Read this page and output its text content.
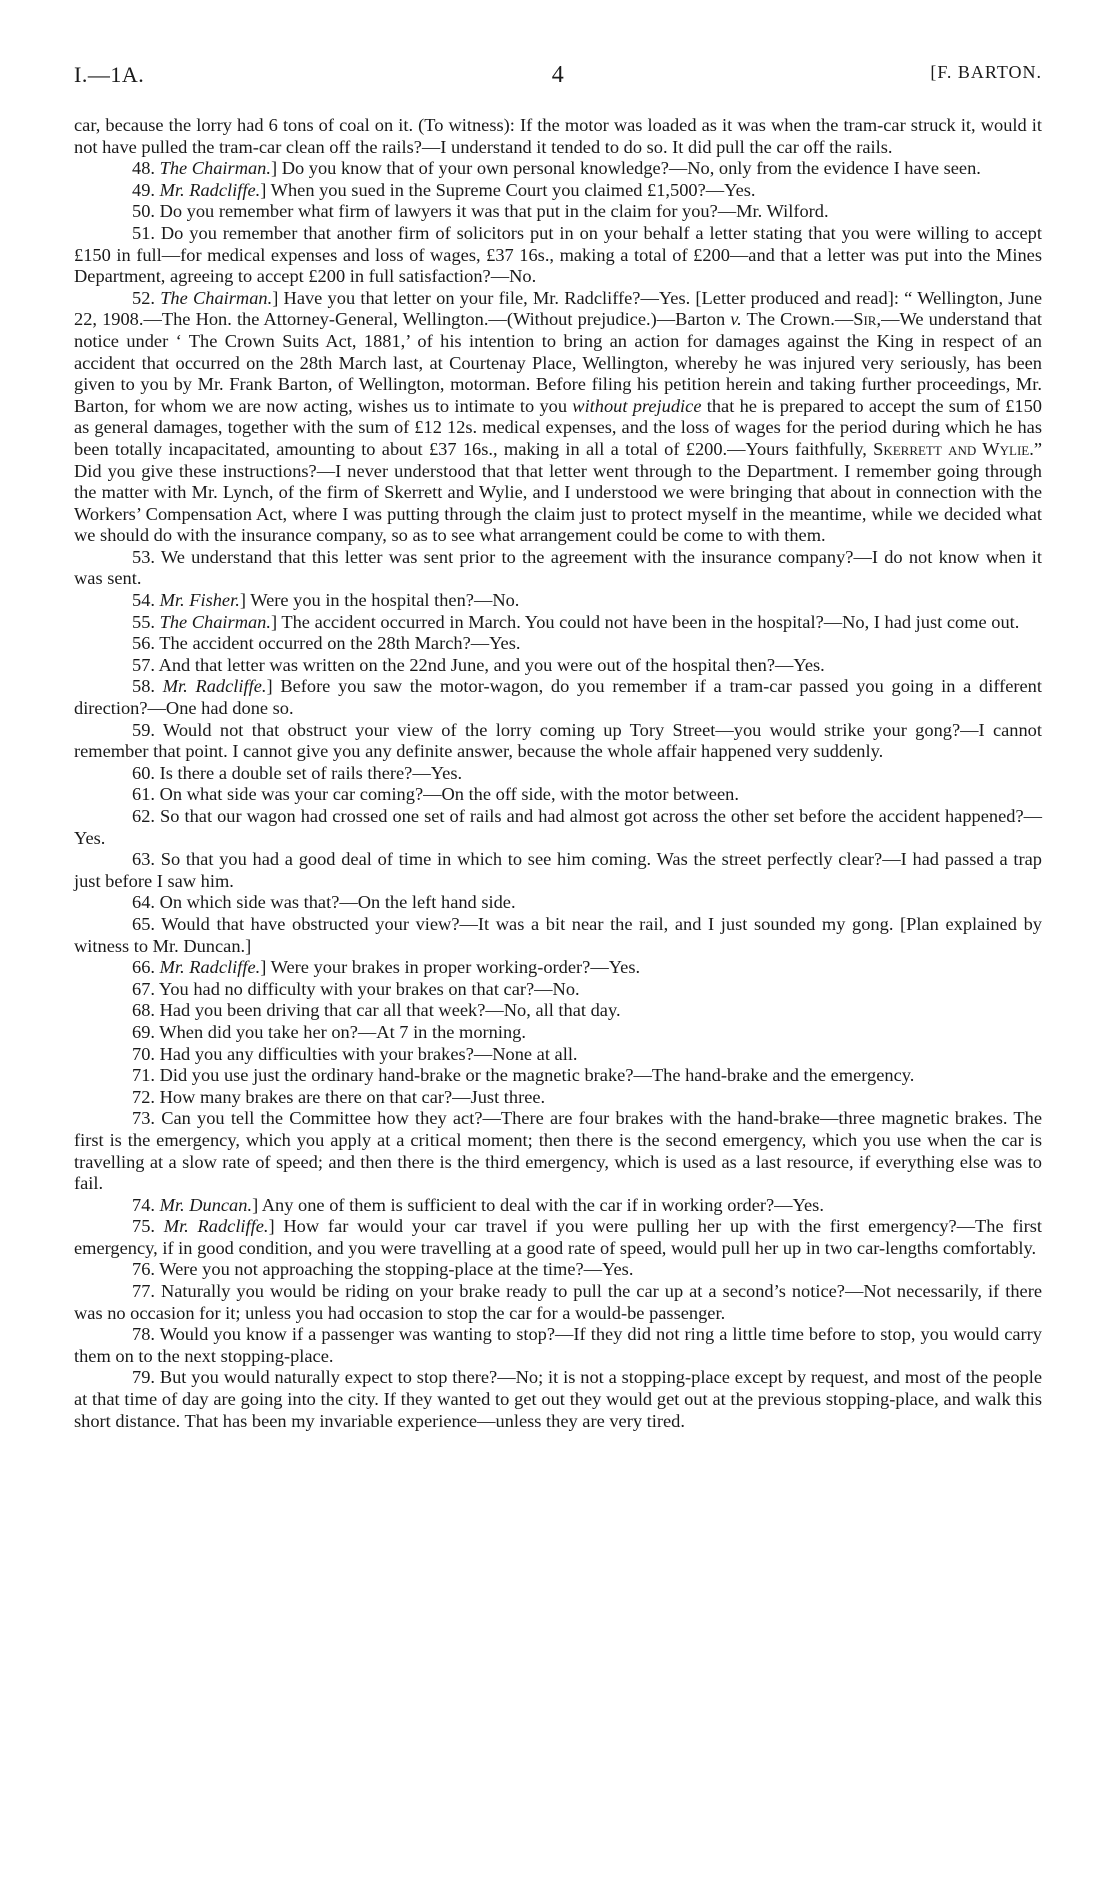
I.—1A.	4	[F. BARTON.

car, because the lorry had 6 tons of coal on it. (To witness): If the motor was loaded as it was when the tram-car struck it, would it not have pulled the tram-car clean off the rails?—I understand it tended to do so. It did pull the car off the rails.

48. The Chairman.] Do you know that of your own personal knowledge?—No, only from the evidence I have seen.

49. Mr. Radcliffe.] When you sued in the Supreme Court you claimed £1,500?—Yes.

50. Do you remember what firm of lawyers it was that put in the claim for you?—Mr. Wilford.

51. Do you remember that another firm of solicitors put in on your behalf a letter stating that you were willing to accept £150 in full—for medical expenses and loss of wages, £37 16s., making a total of £200—and that a letter was put into the Mines Department, agreeing to accept £200 in full satisfaction?—No.

52. The Chairman.] Have you that letter on your file, Mr. Radcliffe?—Yes. [Letter produced and read]: “ Wellington, June 22, 1908.—The Hon. the Attorney-General, Wellington.—(Without prejudice.)—Barton v. The Crown.—Sir,—We understand that notice under ‘ The Crown Suits Act, 1881,’ of his intention to bring an action for damages against the King in respect of an accident that occurred on the 28th March last, at Courtenay Place, Wellington, whereby he was injured very seriously, has been given to you by Mr. Frank Barton, of Wellington, motorman. Before filing his petition herein and taking further proceedings, Mr. Barton, for whom we are now acting, wishes us to intimate to you without prejudice that he is prepared to accept the sum of £150 as general damages, together with the sum of £12 12s. medical expenses, and the loss of wages for the period during which he has been totally incapacitated, amounting to about £37 16s., making in all a total of £200.—Yours faithfully, Skerrett and Wylie.” Did you give these instructions?—I never understood that that letter went through to the Department. I remember going through the matter with Mr. Lynch, of the firm of Skerrett and Wylie, and I understood we were bringing that about in connection with the Workers’ Compensation Act, where I was putting through the claim just to protect myself in the meantime, while we decided what we should do with the insurance company, so as to see what arrangement could be come to with them.

53. We understand that this letter was sent prior to the agreement with the insurance company?—I do not know when it was sent.

54. Mr. Fisher.] Were you in the hospital then?—No.

55. The Chairman.] The accident occurred in March. You could not have been in the hospital?—No, I had just come out.

56. The accident occurred on the 28th March?—Yes.

57. And that letter was written on the 22nd June, and you were out of the hospital then?—Yes.

58. Mr. Radcliffe.] Before you saw the motor-wagon, do you remember if a tram-car passed you going in a different direction?—One had done so.

59. Would not that obstruct your view of the lorry coming up Tory Street—you would strike your gong?—I cannot remember that point. I cannot give you any definite answer, because the whole affair happened very suddenly.

60. Is there a double set of rails there?—Yes.

61. On what side was your car coming?—On the off side, with the motor between.

62. So that our wagon had crossed one set of rails and had almost got across the other set before the accident happened?—Yes.

63. So that you had a good deal of time in which to see him coming. Was the street perfectly clear?—I had passed a trap just before I saw him.

64. On which side was that?—On the left hand side.

65. Would that have obstructed your view?—It was a bit near the rail, and I just sounded my gong. [Plan explained by witness to Mr. Duncan.]

66. Mr. Radcliffe.] Were your brakes in proper working-order?—Yes.

67. You had no difficulty with your brakes on that car?—No.

68. Had you been driving that car all that week?—No, all that day.

69. When did you take her on?—At 7 in the morning.

70. Had you any difficulties with your brakes?—None at all.

71. Did you use just the ordinary hand-brake or the magnetic brake?—The hand-brake and the emergency.

72. How many brakes are there on that car?—Just three.

73. Can you tell the Committee how they act?—There are four brakes with the hand-brake—three magnetic brakes. The first is the emergency, which you apply at a critical moment; then there is the second emergency, which you use when the car is travelling at a slow rate of speed; and then there is the third emergency, which is used as a last resource, if everything else was to fail.

74. Mr. Duncan.] Any one of them is sufficient to deal with the car if in working order?—Yes.

75. Mr. Radcliffe.] How far would your car travel if you were pulling her up with the first emergency?—The first emergency, if in good condition, and you were travelling at a good rate of speed, would pull her up in two car-lengths comfortably.

76. Were you not approaching the stopping-place at the time?—Yes.

77. Naturally you would be riding on your brake ready to pull the car up at a second’s notice?—Not necessarily, if there was no occasion for it; unless you had occasion to stop the car for a would-be passenger.

78. Would you know if a passenger was wanting to stop?—If they did not ring a little time before to stop, you would carry them on to the next stopping-place.

79. But you would naturally expect to stop there?—No; it is not a stopping-place except by request, and most of the people at that time of day are going into the city. If they wanted to get out they would get out at the previous stopping-place, and walk this short distance. That has been my invariable experience—unless they are very tired.
